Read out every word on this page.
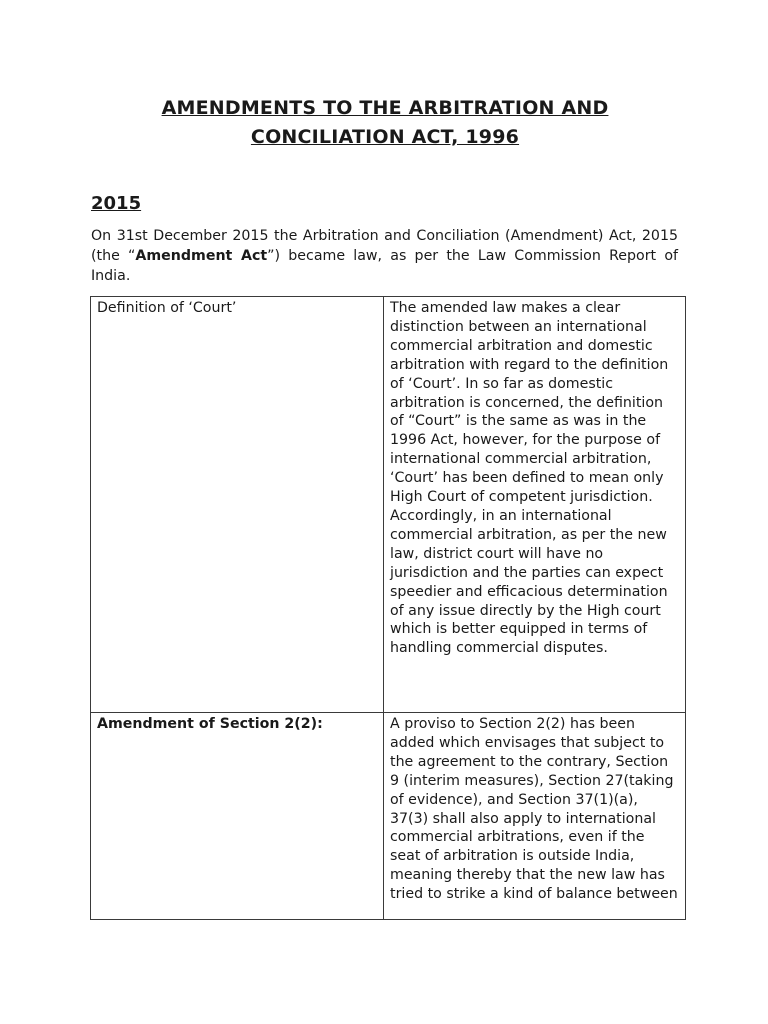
AMENDMENTS TO THE ARBITRATION AND
CONCILIATION ACT, 1996
2015
On 31st December 2015 the Arbitration and Conciliation (Amendment) Act, 2015 (the “Amendment Act”) became law, as per the Law Commission Report of India.
Definition of ‘Court’	The amended law makes a clear distinction between an international commercial arbitration and domestic arbitration with regard to the definition of ‘Court’. In so far as domestic arbitration is concerned, the definition of “Court” is the same as was in the 1996 Act, however, for the purpose of international commercial arbitration, ‘Court’ has been defined to mean only High Court of competent jurisdiction. Accordingly, in an international commercial arbitration, as per the new law, district court will have no jurisdiction and the parties can expect speedier and efficacious determination of any issue directly by the High court which is better equipped in terms of handling commercial disputes.
Amendment of Section 2(2):	A proviso to Section 2(2) has been added which envisages that subject to the agreement to the contrary, Section 9 (interim measures), Section 27(taking of evidence), and Section 37(1)(a), 37(3) shall also apply to international commercial arbitrations, even if the seat of arbitration is outside India, meaning thereby that the new law has tried to strike a kind of balance between
